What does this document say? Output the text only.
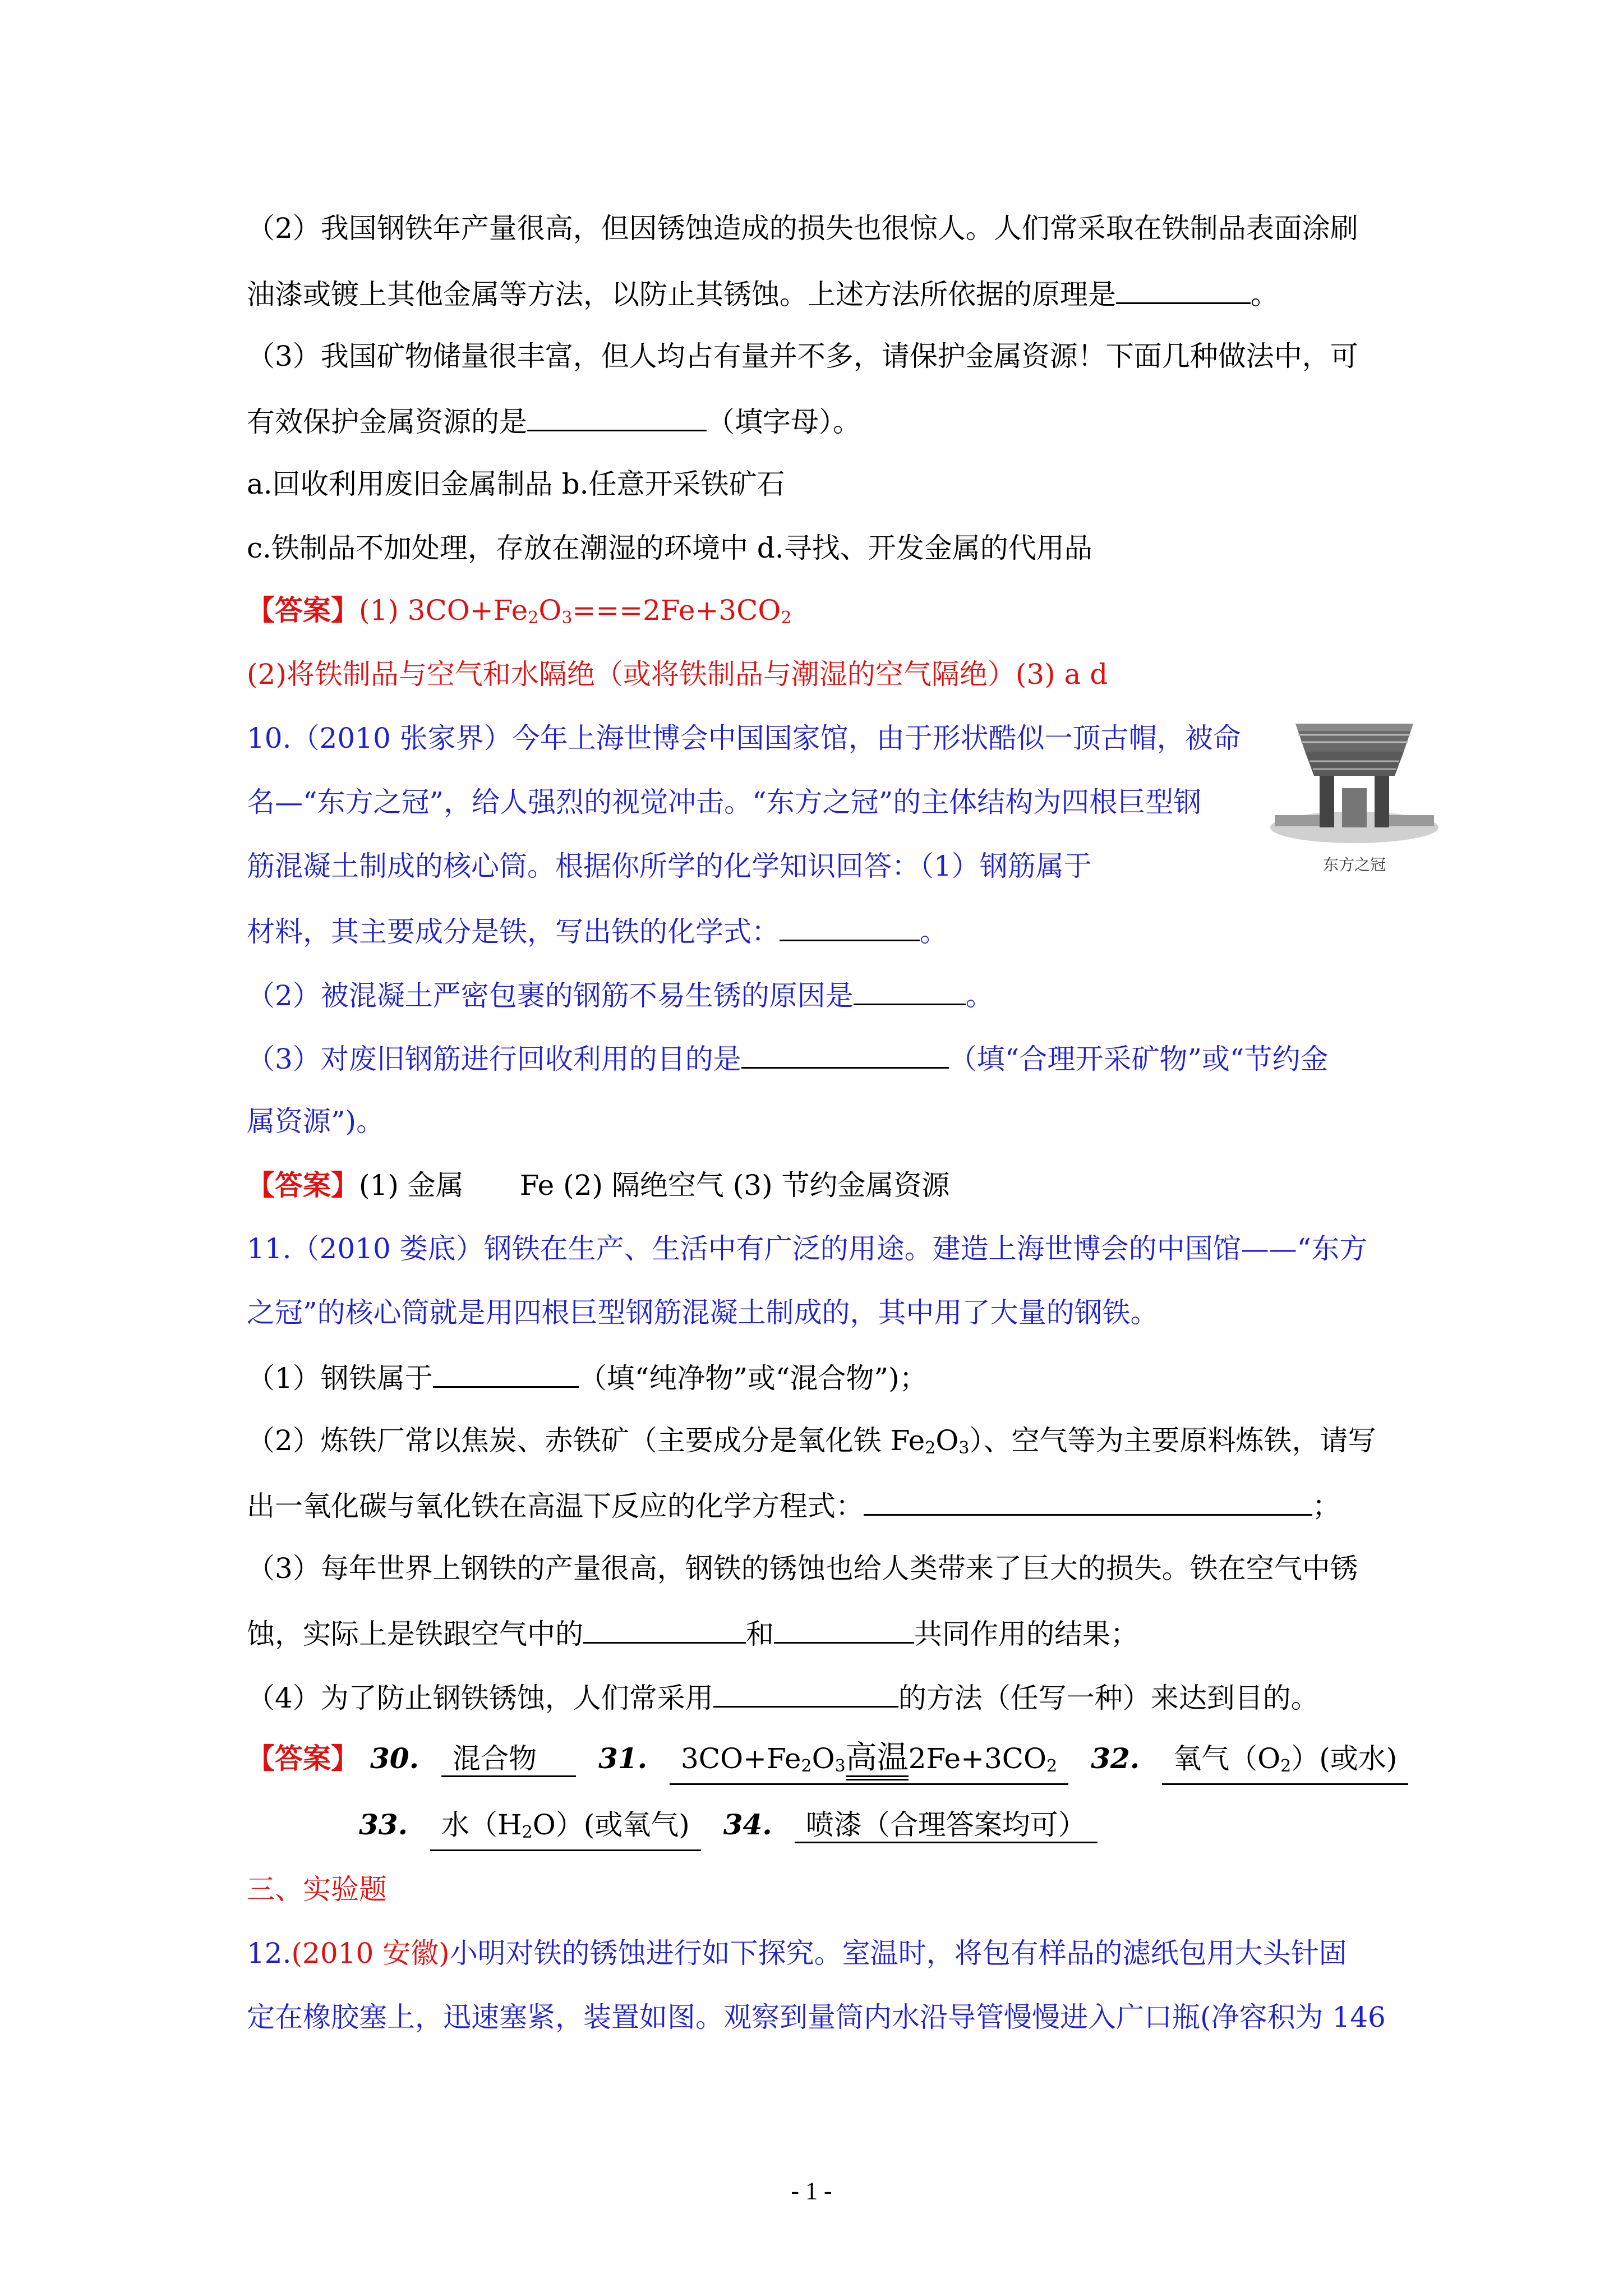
（2）我国钢铁年产量很高，但因锈蚀造成的损失也很惊人。人们常采取在铁制品表面涂刷
油漆或镀上其他金属等方法，以防止其锈蚀。上述方法所依据的原理是	。
（3）我国矿物储量很丰富，但人均占有量并不多，请保护金属资源！下面几种做法中，可
有效保护金属资源的是	（填字母）。
a.回收利用废旧金属制品 b.任意开采铁矿石
c.铁制品不加处理，存放在潮湿的环境中 d.寻找、开发金属的代用品
【答案】(1) $3CO+Fe_2O_3===2Fe+3CO_2$
(2)将铁制品与空气和水隔绝（或将铁制品与潮湿的空气隔绝）(3) a d
10.（2010 张家界）今年上海世博会中国国家馆，由于形状酷似一顶古帽，被命
名—“东方之冠”，给人强烈的视觉冲击。“东方之冠”的主体结构为四根巨型钢
筋混凝土制成的核心筒。根据你所学的化学知识回答：（1）钢筋属于
材料，其主要成分是铁，写出铁的化学式：	。
（2）被混凝土严密包裹的钢筋不易生锈的原因是	。
（3）对废旧钢筋进行回收利用的目的是	（填“合理开采矿物”或“节约金
属资源”)。
东方之冠
【答案】(1) 金属　　Fe (2) 隔绝空气 (3) 节约金属资源
11.（2010 娄底）钢铁在生产、生活中有广泛的用途。建造上海世博会的中国馆——“东方
之冠”的核心筒就是用四根巨型钢筋混凝土制成的，其中用了大量的钢铁。
（1）钢铁属于	（填“纯净物”或“混合物”)；
（2）炼铁厂常以焦炭、赤铁矿（主要成分是氧化铁 $Fe_2O_3$）、空气等为主要原料炼铁，请写
出一氧化碳与氧化铁在高温下反应的化学方程式：	；
（3）每年世界上钢铁的产量很高，钢铁的锈蚀也给人类带来了巨大的损失。铁在空气中锈
蚀，实际上是铁跟空气中的	和	共同作用的结果；
（4）为了防止钢铁锈蚀，人们常采用	的方法（任写一种）来达到目的。
【答案】 30. 混合物 31. $3CO+Fe_2O_3$高温$2Fe+3CO_2$ 32. 氧气$(O_2)$(或水)
33. 水$(H_2O)$(或氧气) 34. 喷漆（合理答案均可）
三、实验题
12.(2010 安徽)小明对铁的锈蚀进行如下探究。室温时，将包有样品的滤纸包用大头针固
定在橡胶塞上，迅速塞紧，装置如图。观察到量筒内水沿导管慢慢进入广口瓶(净容积为 146
- 1 -
